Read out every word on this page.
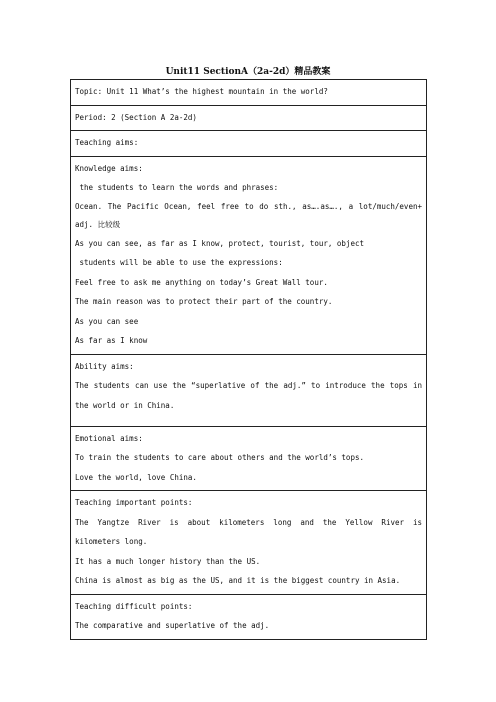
Unit11 SectionA（2a-2d）精品教案
Topic: Unit 11 What’s the highest mountain in the world?

Period: 2 (Section A 2a-2d)

Teaching aims:

Knowledge aims:
the students to learn the words and phrases:
Ocean. The Pacific Ocean, feel free to do sth., as….as…., a lot/much/even+ adj. 比较级
As you can see, as far as I know, protect, tourist, tour, object
students will be able to use the expressions:
Feel free to ask me anything on today’s Great Wall tour.
The main reason was to protect their part of the country.
As you can see
As far as I know

Ability aims:
The students can use the “superlative of the adj.” to introduce the tops in the world or in China.

Emotional aims:
To train the students to care about others and the world’s tops.
Love the world, love China.

Teaching important points:
The Yangtze River is about kilometers long and the Yellow River is kilometers long.
It has a much longer history than the US.
China is almost as big as the US, and it is the biggest country in Asia.

Teaching difficult points:
The comparative and superlative of the adj.
